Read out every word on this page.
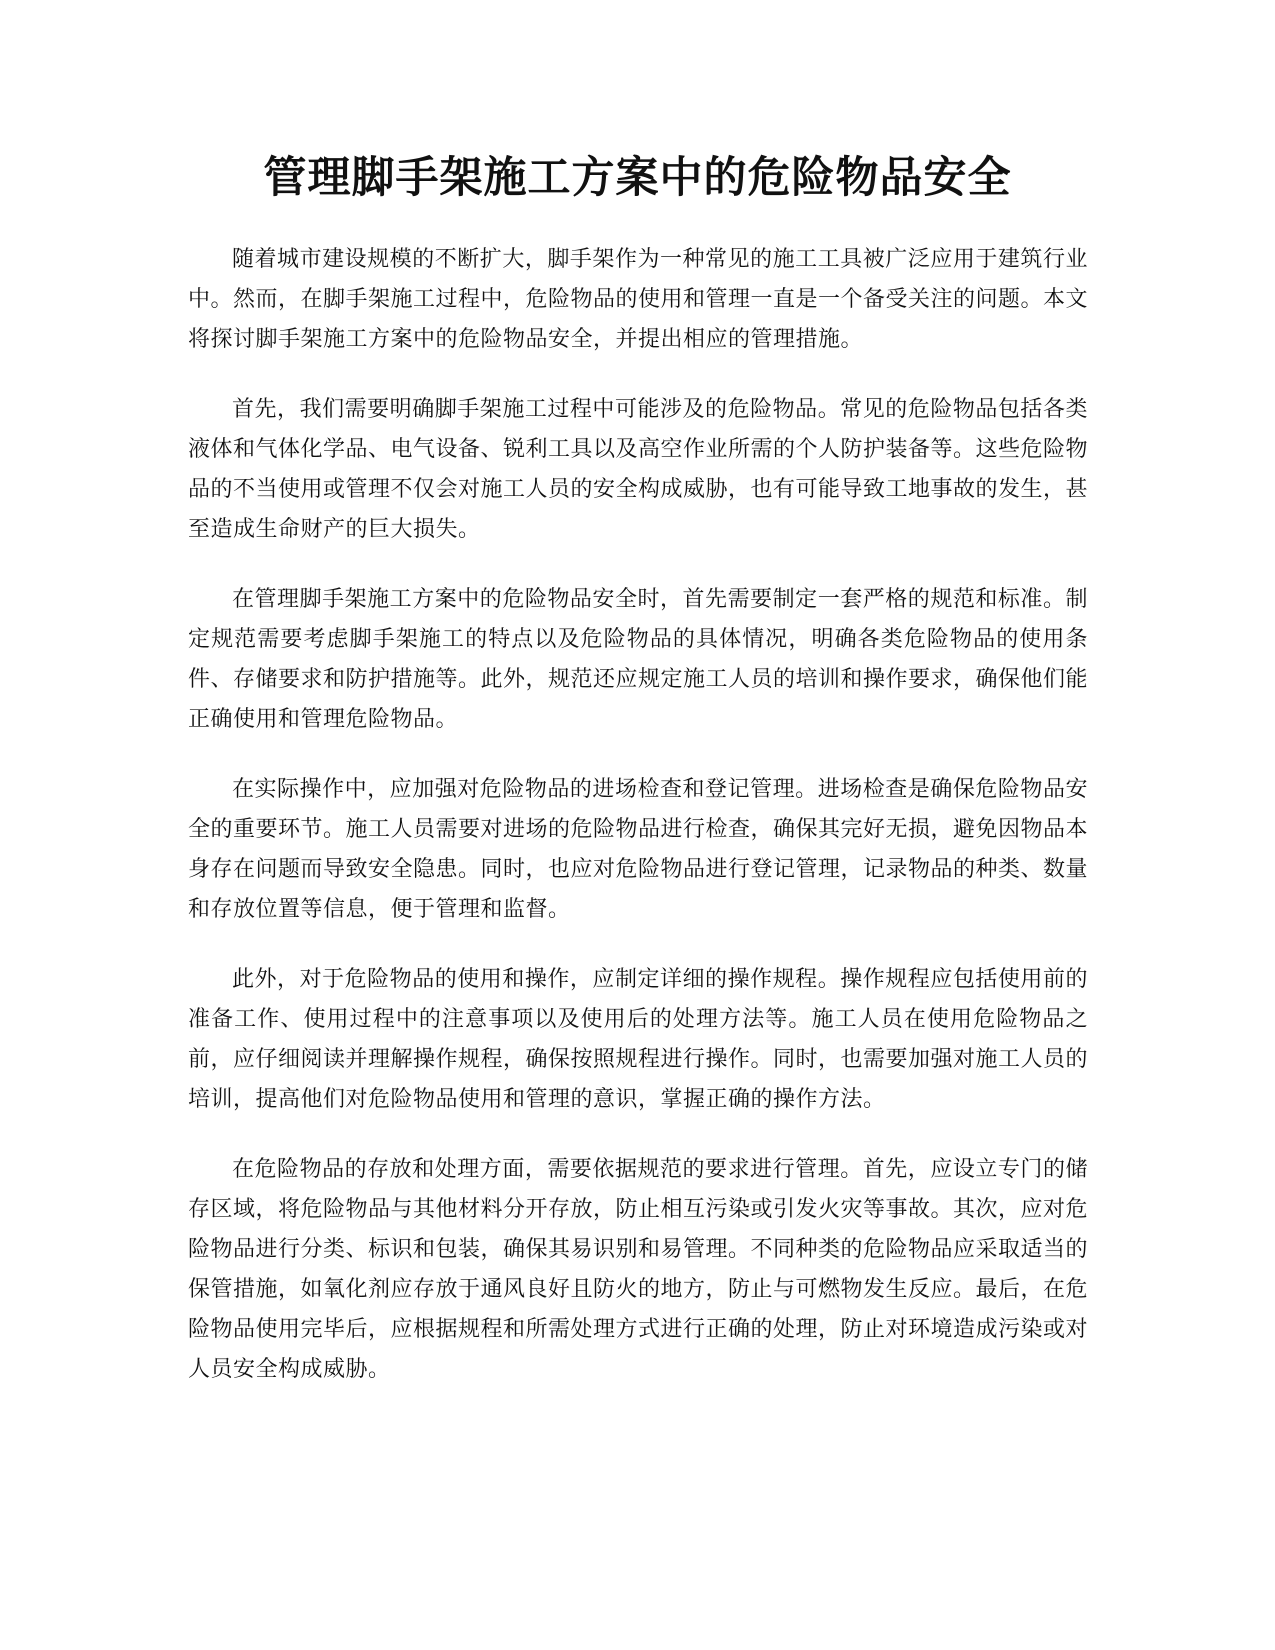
管理脚手架施工方案中的危险物品安全

随着城市建设规模的不断扩大，脚手架作为一种常见的施工工具被广泛应用于建筑行业中。然而，在脚手架施工过程中，危险物品的使用和管理一直是一个备受关注的问题。本文将探讨脚手架施工方案中的危险物品安全，并提出相应的管理措施。

首先，我们需要明确脚手架施工过程中可能涉及的危险物品。常见的危险物品包括各类液体和气体化学品、电气设备、锐利工具以及高空作业所需的个人防护装备等。这些危险物品的不当使用或管理不仅会对施工人员的安全构成威胁，也有可能导致工地事故的发生，甚至造成生命财产的巨大损失。

在管理脚手架施工方案中的危险物品安全时，首先需要制定一套严格的规范和标准。制定规范需要考虑脚手架施工的特点以及危险物品的具体情况，明确各类危险物品的使用条件、存储要求和防护措施等。此外，规范还应规定施工人员的培训和操作要求，确保他们能正确使用和管理危险物品。

在实际操作中，应加强对危险物品的进场检查和登记管理。进场检查是确保危险物品安全的重要环节。施工人员需要对进场的危险物品进行检查，确保其完好无损，避免因物品本身存在问题而导致安全隐患。同时，也应对危险物品进行登记管理，记录物品的种类、数量和存放位置等信息，便于管理和监督。

此外，对于危险物品的使用和操作，应制定详细的操作规程。操作规程应包括使用前的准备工作、使用过程中的注意事项以及使用后的处理方法等。施工人员在使用危险物品之前，应仔细阅读并理解操作规程，确保按照规程进行操作。同时，也需要加强对施工人员的培训，提高他们对危险物品使用和管理的意识，掌握正确的操作方法。

在危险物品的存放和处理方面，需要依据规范的要求进行管理。首先，应设立专门的储存区域，将危险物品与其他材料分开存放，防止相互污染或引发火灾等事故。其次，应对危险物品进行分类、标识和包装，确保其易识别和易管理。不同种类的危险物品应采取适当的保管措施，如氧化剂应存放于通风良好且防火的地方，防止与可燃物发生反应。最后，在危险物品使用完毕后，应根据规程和所需处理方式进行正确的处理，防止对环境造成污染或对人员安全构成威胁。
